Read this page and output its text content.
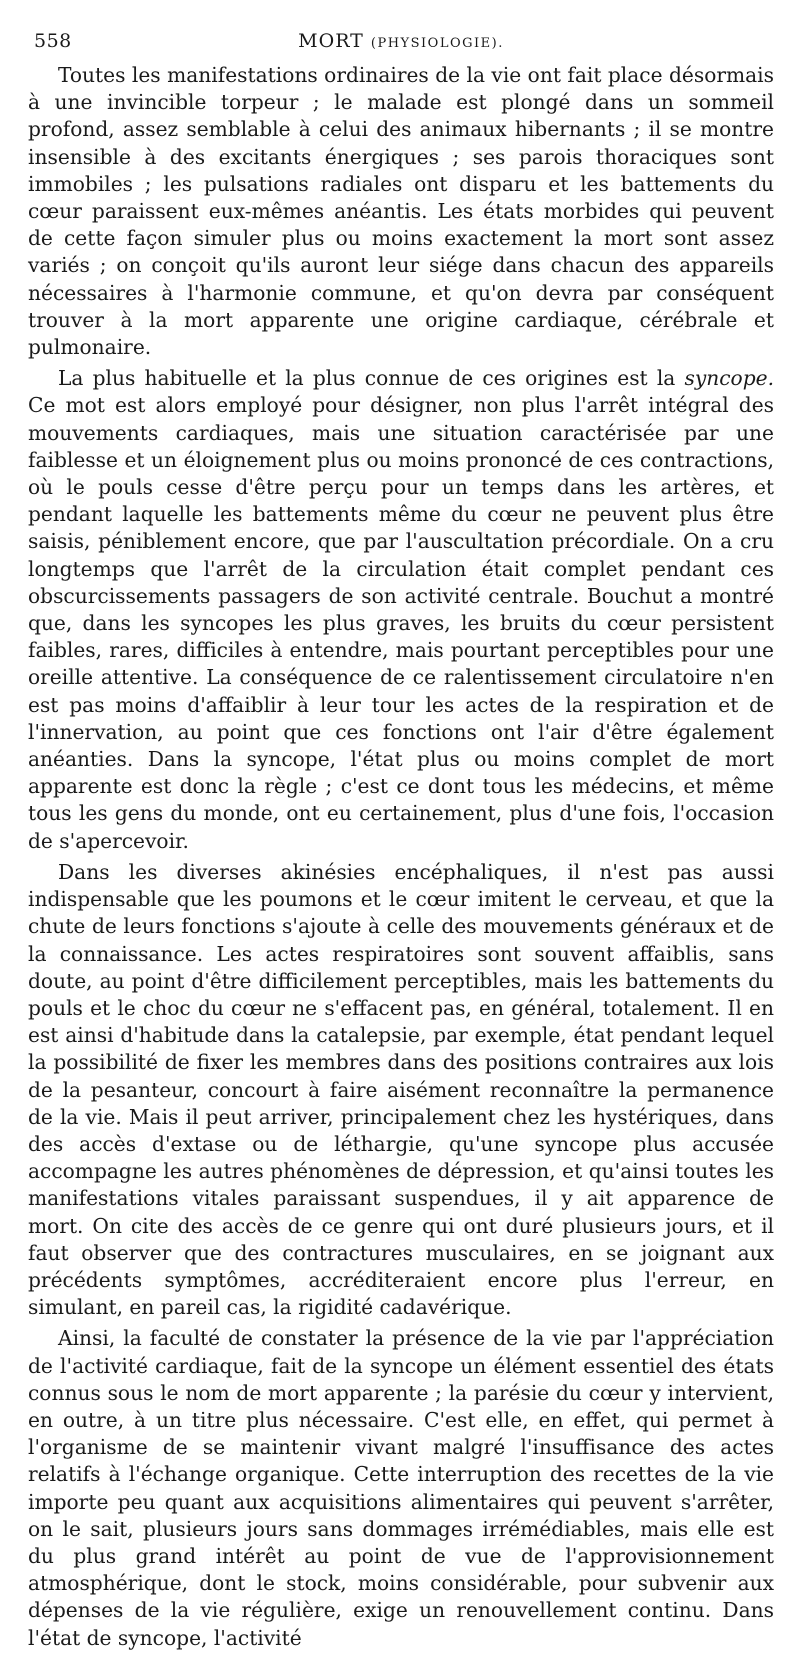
558	MORT (PHYSIOLOGIE).

Toutes les manifestations ordinaires de la vie ont fait place désormais à une invincible torpeur ; le malade est plongé dans un sommeil profond, assez semblable à celui des animaux hibernants ; il se montre insensible à des excitants énergiques ; ses parois thoraciques sont immobiles ; les pulsations radiales ont disparu et les battements du cœur paraissent eux-mêmes anéantis. Les états morbides qui peuvent de cette façon simuler plus ou moins exactement la mort sont assez variés ; on conçoit qu'ils auront leur siége dans chacun des appareils nécessaires à l'harmonie commune, et qu'on devra par conséquent trouver à la mort apparente une origine cardiaque, cérébrale et pulmonaire.

La plus habituelle et la plus connue de ces origines est la syncope. Ce mot est alors employé pour désigner, non plus l'arrêt intégral des mouvements cardiaques, mais une situation caractérisée par une faiblesse et un éloignement plus ou moins prononcé de ces contractions, où le pouls cesse d'être perçu pour un temps dans les artères, et pendant laquelle les battements même du cœur ne peuvent plus être saisis, péniblement encore, que par l'auscultation précordiale. On a cru longtemps que l'arrêt de la circulation était complet pendant ces obscurcissements passagers de son activité centrale. Bouchut a montré que, dans les syncopes les plus graves, les bruits du cœur persistent faibles, rares, difficiles à entendre, mais pourtant perceptibles pour une oreille attentive. La conséquence de ce ralentissement circulatoire n'en est pas moins d'affaiblir à leur tour les actes de la respiration et de l'innervation, au point que ces fonctions ont l'air d'être également anéanties. Dans la syncope, l'état plus ou moins complet de mort apparente est donc la règle ; c'est ce dont tous les médecins, et même tous les gens du monde, ont eu certainement, plus d'une fois, l'occasion de s'apercevoir.

Dans les diverses akinésies encéphaliques, il n'est pas aussi indispensable que les poumons et le cœur imitent le cerveau, et que la chute de leurs fonctions s'ajoute à celle des mouvements généraux et de la connaissance. Les actes respiratoires sont souvent affaiblis, sans doute, au point d'être difficilement perceptibles, mais les battements du pouls et le choc du cœur ne s'effacent pas, en général, totalement. Il en est ainsi d'habitude dans la catalepsie, par exemple, état pendant lequel la possibilité de fixer les membres dans des positions contraires aux lois de la pesanteur, concourt à faire aisément reconnaître la permanence de la vie. Mais il peut arriver, principalement chez les hystériques, dans des accès d'extase ou de léthargie, qu'une syncope plus accusée accompagne les autres phénomènes de dépression, et qu'ainsi toutes les manifestations vitales paraissant suspendues, il y ait apparence de mort. On cite des accès de ce genre qui ont duré plusieurs jours, et il faut observer que des contractures musculaires, en se joignant aux précédents symptômes, accréditeraient encore plus l'erreur, en simulant, en pareil cas, la rigidité cadavérique.

Ainsi, la faculté de constater la présence de la vie par l'appréciation de l'activité cardiaque, fait de la syncope un élément essentiel des états connus sous le nom de mort apparente ; la parésie du cœur y intervient, en outre, à un titre plus nécessaire. C'est elle, en effet, qui permet à l'organisme de se maintenir vivant malgré l'insuffisance des actes relatifs à l'échange organique. Cette interruption des recettes de la vie importe peu quant aux acquisitions alimentaires qui peuvent s'arrêter, on le sait, plusieurs jours sans dommages irrémédiables, mais elle est du plus grand intérêt au point de vue de l'approvisionnement atmosphérique, dont le stock, moins considérable, pour subvenir aux dépenses de la vie régulière, exige un renouvellement continu. Dans l'état de syncope, l'activité
